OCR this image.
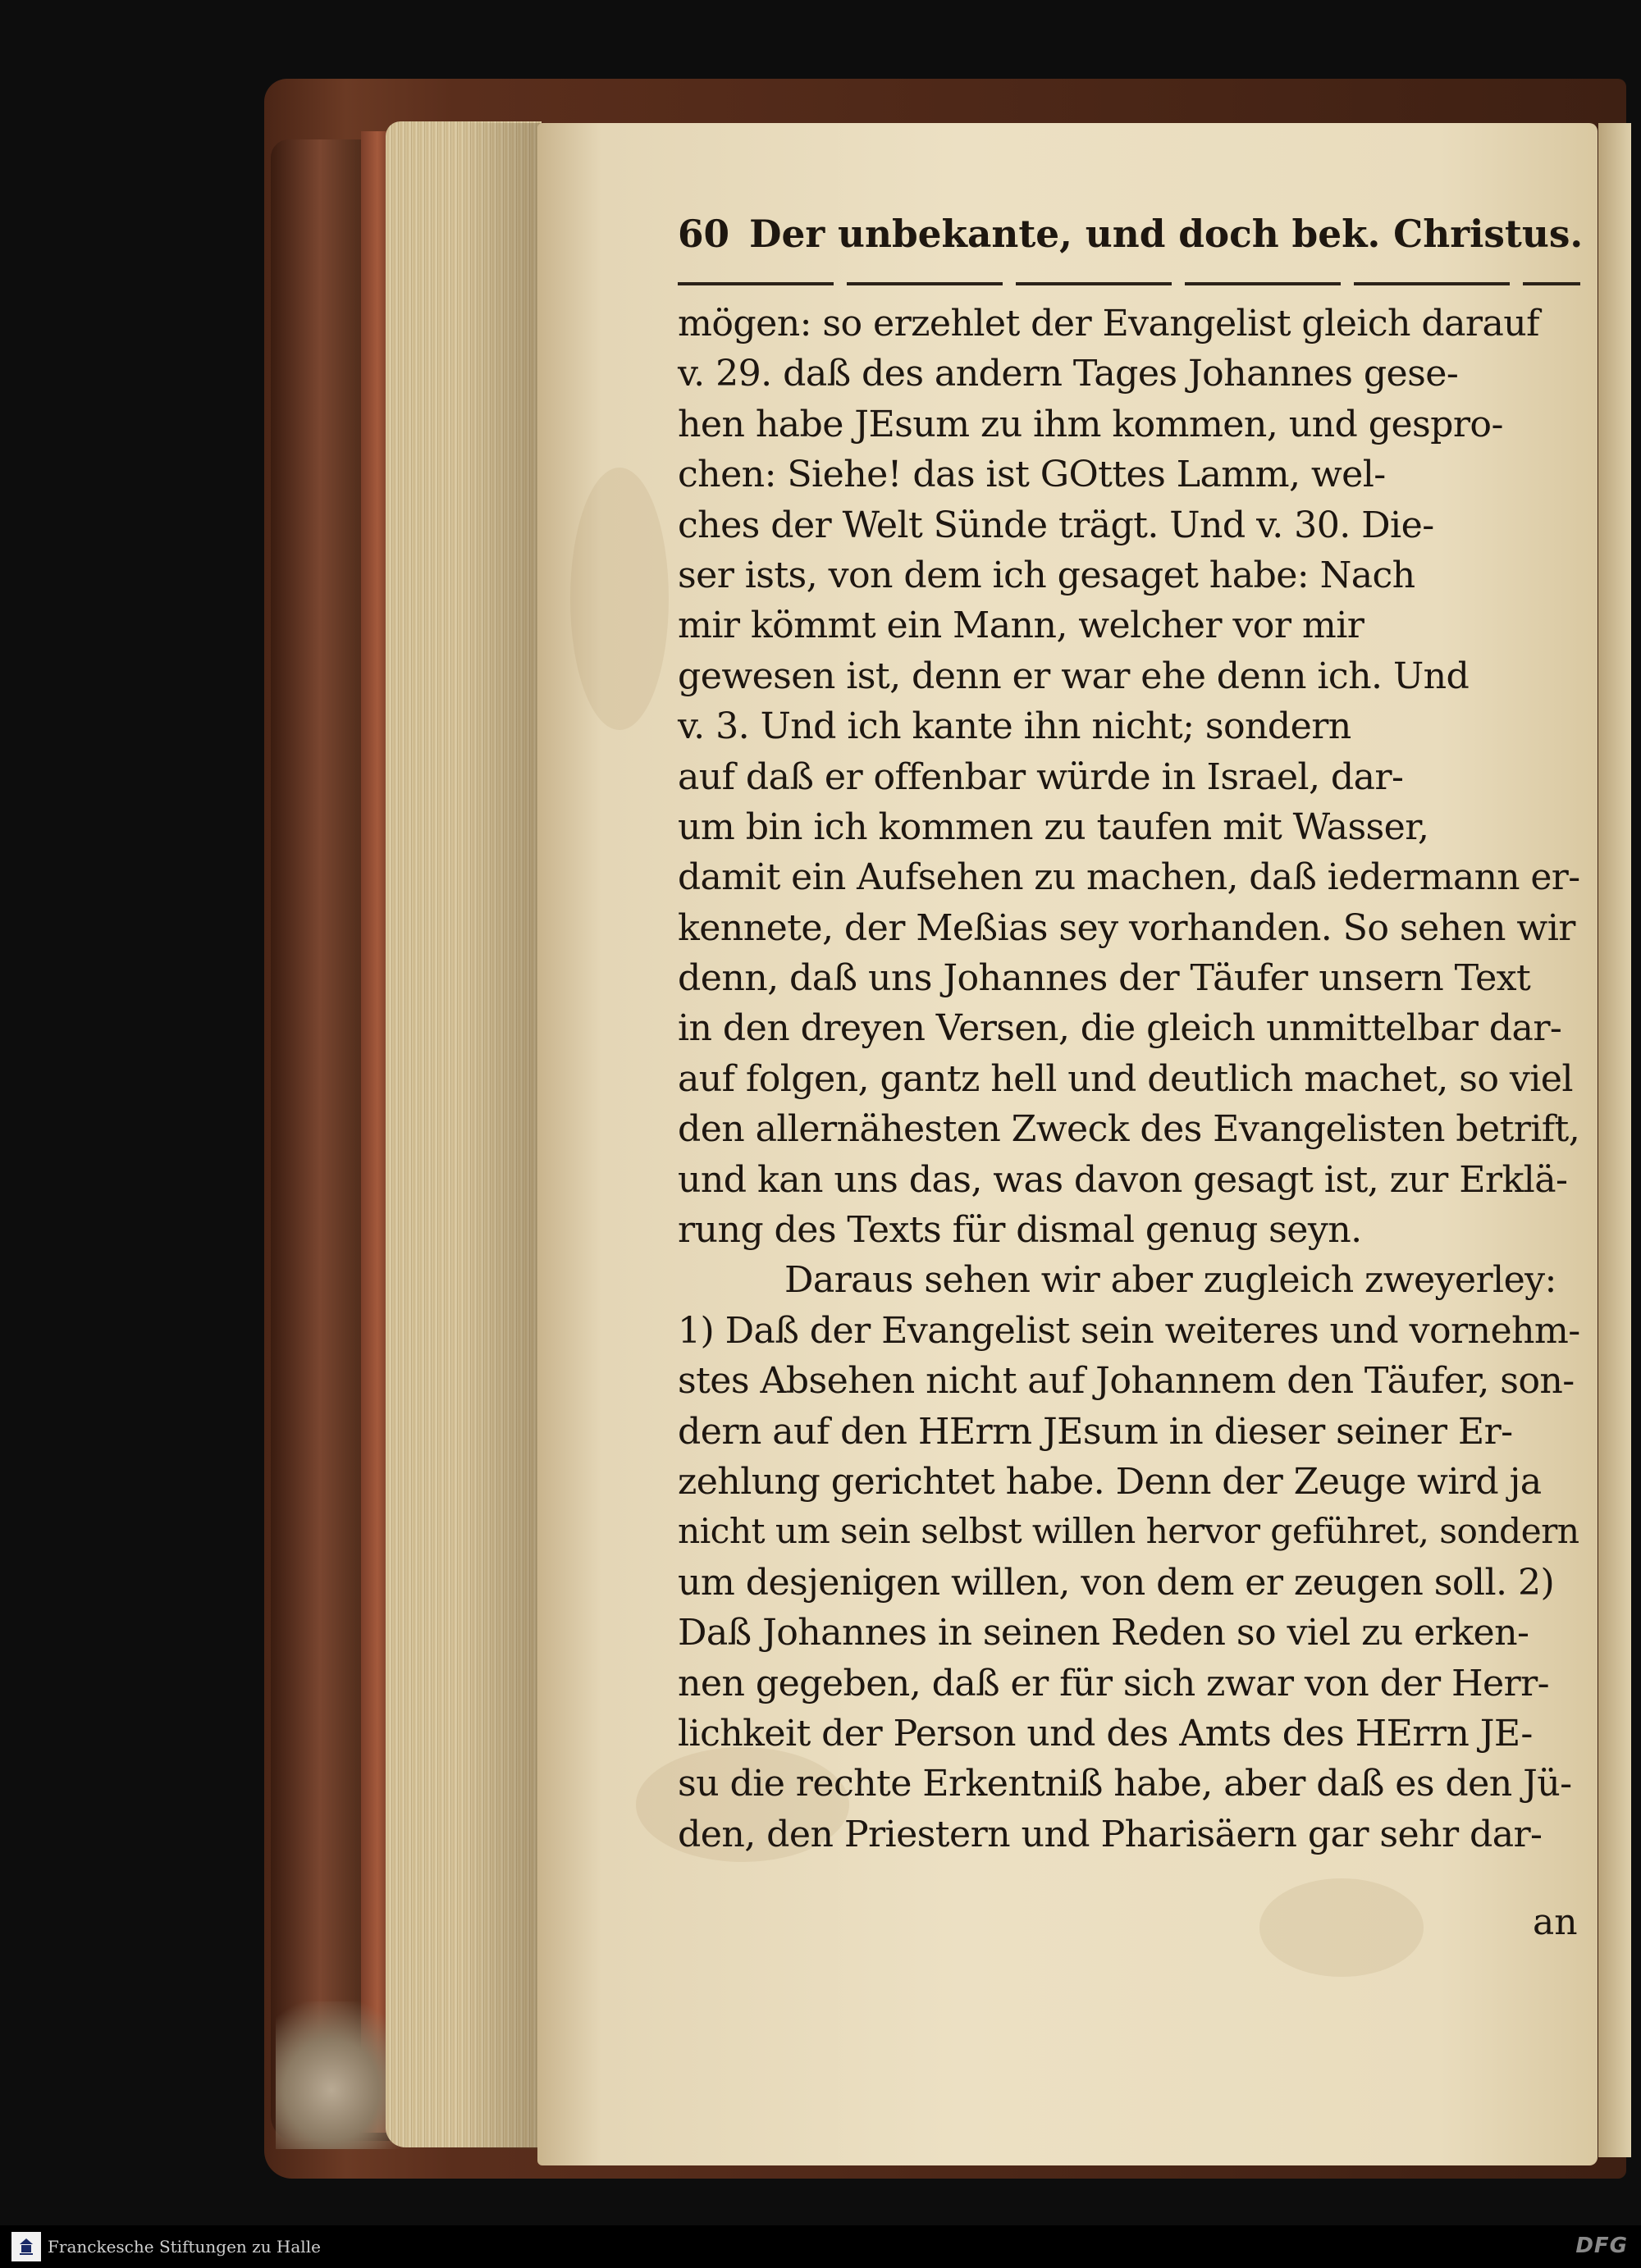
60 Der unbekante, und doch bek. Christus.
mögen: so erzehlet der Evangelist gleich darauf
v. 29. daß des andern Tages Johannes gese-
hen habe JEsum zu ihm kommen, und gespro-
chen: Siehe! das ist GOttes Lamm, wel-
ches der Welt Sünde trägt. Und v. 30. Die-
ser ists, von dem ich gesaget habe: Nach
mir kömmt ein Mann, welcher vor mir
gewesen ist, denn er war ehe denn ich. Und
v. 3. Und ich kante ihn nicht; sondern
auf daß er offenbar würde in Israel, dar-
um bin ich kommen zu taufen mit Wasser,
damit ein Aufsehen zu machen, daß iedermann er-
kennete, der Meßias sey vorhanden. So sehen wir
denn, daß uns Johannes der Täufer unsern Text
in den dreyen Versen, die gleich unmittelbar dar-
auf folgen, gantz hell und deutlich machet, so viel
den allernähesten Zweck des Evangelisten betrift,
und kan uns das, was davon gesagt ist, zur Erklä-
rung des Texts für dismal genug seyn.
Daraus sehen wir aber zugleich zweyerley:
1) Daß der Evangelist sein weiteres und vornehm-
stes Absehen nicht auf Johannem den Täufer, son-
dern auf den HErrn JEsum in dieser seiner Er-
zehlung gerichtet habe. Denn der Zeuge wird ja
nicht um sein selbst willen hervor geführet, sondern
um desjenigen willen, von dem er zeugen soll. 2)
Daß Johannes in seinen Reden so viel zu erken-
nen gegeben, daß er für sich zwar von der Herr-
lichkeit der Person und des Amts des HErrn JE-
su die rechte Erkentniß habe, aber daß es den Jü-
den, den Priestern und Pharisäern gar sehr dar-
an
Franckesche Stiftungen zu Halle	DFG
